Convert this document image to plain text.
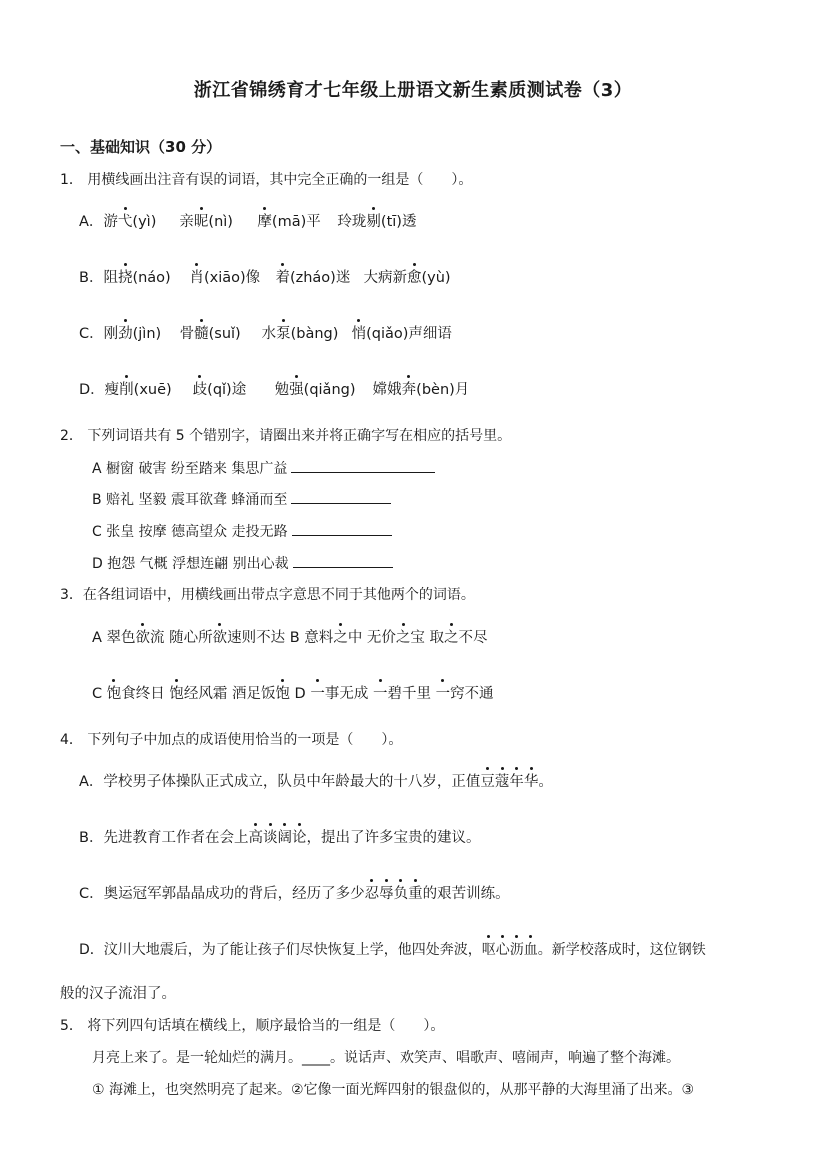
浙江省锦绣育才七年级上册语文新生素质测试卷（3）
一、基础知识（30 分）
1． 用横线画出注音有误的词语，其中完全正确的一组是（　　）。
A．游弋(yì) 亲昵(nì) 摩(mā)平 玲珑剔(tī)透
B．阻挠(náo) 肖(xiāo)像 着(zháo)迷 大病新愈(yù)
C．刚劲(jìn) 骨髓(suǐ) 水泵(bàng) 悄(qiǎo)声细语
D．瘦削(xuē) 歧(qǐ)途 勉强(qiǎng) 嫦娥奔(bèn)月
2． 下列词语共有 5 个错别字，请圈出来并将正确字写在相应的括号里。
A 橱窗 破害 纷至踏来 集思广益
B 赔礼 坚毅 震耳欲聋 蜂涌而至
C 张皇 按摩 德高望众 走投无路
D 抱怨 气概 浮想连翩 别出心裁
3．在各组词语中，用横线画出带点字意思不同于其他两个的词语。
A 翠色欲流 随心所欲速则不达 B 意料之中 无价之宝 取之不尽
C 饱食终日 饱经风霜 酒足饭饱 D 一事无成 一碧千里 一窍不通
4． 下列句子中加点的成语使用恰当的一项是（　　）。
A．学校男子体操队正式成立，队员中年龄最大的十八岁，正值豆蔻年华。
B．先进教育工作者在会上高谈阔论，提出了许多宝贵的建议。
C．奥运冠军郭晶晶成功的背后，经历了多少忍辱负重的艰苦训练。
D．汶川大地震后，为了能让孩子们尽快恢复上学，他四处奔波，呕心沥血。新学校落成时，这位钢铁
般的汉子流泪了。
5． 将下列四句话填在横线上，顺序最恰当的一组是（　　）。
月亮上来了。是一轮灿烂的满月。____。说话声、欢笑声、唱歌声、嘻闹声，响遍了整个海滩。
① 海滩上，也突然明亮了起来。②它像一面光辉四射的银盘似的，从那平静的大海里涌了出来。③
